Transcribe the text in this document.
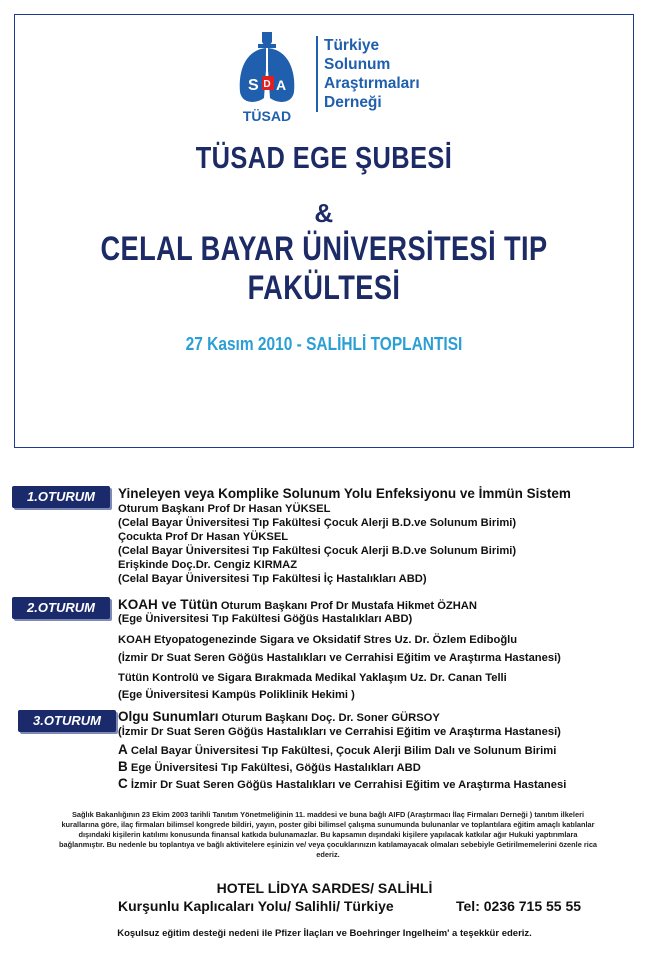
D
S A
TÜSAD
Türkiye
Solunum
Araştırmaları
Derneği
TÜSAD EGE ŞUBESİ
&
CELAL BAYAR ÜNİVERSİTESİ TIP FAKÜLTESİ
27 Kasım 2010 - SALİHLİ TOPLANTISI
1.OTURUM	Yineleyen veya Komplike Solunum Yolu Enfeksiyonu ve İmmün Sistem
Oturum Başkanı Prof Dr Hasan YÜKSEL
(Celal Bayar Üniversitesi Tıp Fakültesi Çocuk Alerji B.D.ve Solunum Birimi)
Çocukta Prof Dr Hasan YÜKSEL
(Celal Bayar Üniversitesi Tıp Fakültesi Çocuk Alerji B.D.ve Solunum Birimi)
Erişkinde Doç.Dr. Cengiz KIRMAZ
(Celal Bayar Üniversitesi Tıp Fakültesi İç Hastalıkları ABD)
2.OTURUM	KOAH ve Tütün Oturum Başkanı Prof Dr Mustafa Hikmet ÖZHAN
(Ege Üniversitesi Tıp Fakültesi Göğüs Hastalıkları ABD)
KOAH Etyopatogenezinde Sigara ve Oksidatif Stres Uz. Dr. Özlem Ediboğlu
(İzmir Dr Suat Seren Göğüs Hastalıkları ve Cerrahisi Eğitim ve Araştırma Hastanesi)
Tütün Kontrolü ve Sigara Bırakmada Medikal Yaklaşım Uz. Dr. Canan Telli
(Ege Üniversitesi Kampüs Poliklinik Hekimi )
3.OTURUM	Olgu Sunumları Oturum Başkanı Doç. Dr. Soner GÜRSOY
(İzmir Dr Suat Seren Göğüs Hastalıkları ve Cerrahisi Eğitim ve Araştırma Hastanesi)
A Celal Bayar Üniversitesi Tıp Fakültesi, Çocuk Alerji Bilim Dalı ve Solunum Birimi
B Ege Üniversitesi Tıp Fakültesi, Göğüs Hastalıkları ABD
C İzmir Dr Suat Seren Göğüs Hastalıkları ve Cerrahisi Eğitim ve Araştırma Hastanesi
Sağlık Bakanlığının 23 Ekim 2003 tarihli Tanıtım Yönetmeliğinin 11. maddesi ve buna bağlı AIFD (Araştırmacı İlaç Firmaları Derneği ) tanıtım ilkeleri kurallarına göre, ilaç firmaları bilimsel kongrede bildiri, yayın, poster gibi bilimsel çalışma sunumunda bulunanlar ve toplantılara eğitim amaçlı katılanlar dışındaki kişilerin katılımı konusunda finansal katkıda bulunamazlar. Bu kapsamın dışındaki kişilere yapılacak katkılar ağır Hukuki yaptırımlara bağlanmıştır. Bu nedenle bu toplantıya ve bağlı aktivitelere eşinizin ve/ veya çocuklarınızın katılamayacak olmaları sebebiyle Getirilmemelerini özenle rica ederiz.
HOTEL LİDYA SARDES/ SALİHLİ
Kurşunlu Kaplıcaları Yolu/ Salihli/ Türkiye	Tel: 0236 715 55 55
Koşulsuz eğitim desteği nedeni ile Pfizer İlaçları ve Boehringer Ingelheim' a teşekkür ederiz.
